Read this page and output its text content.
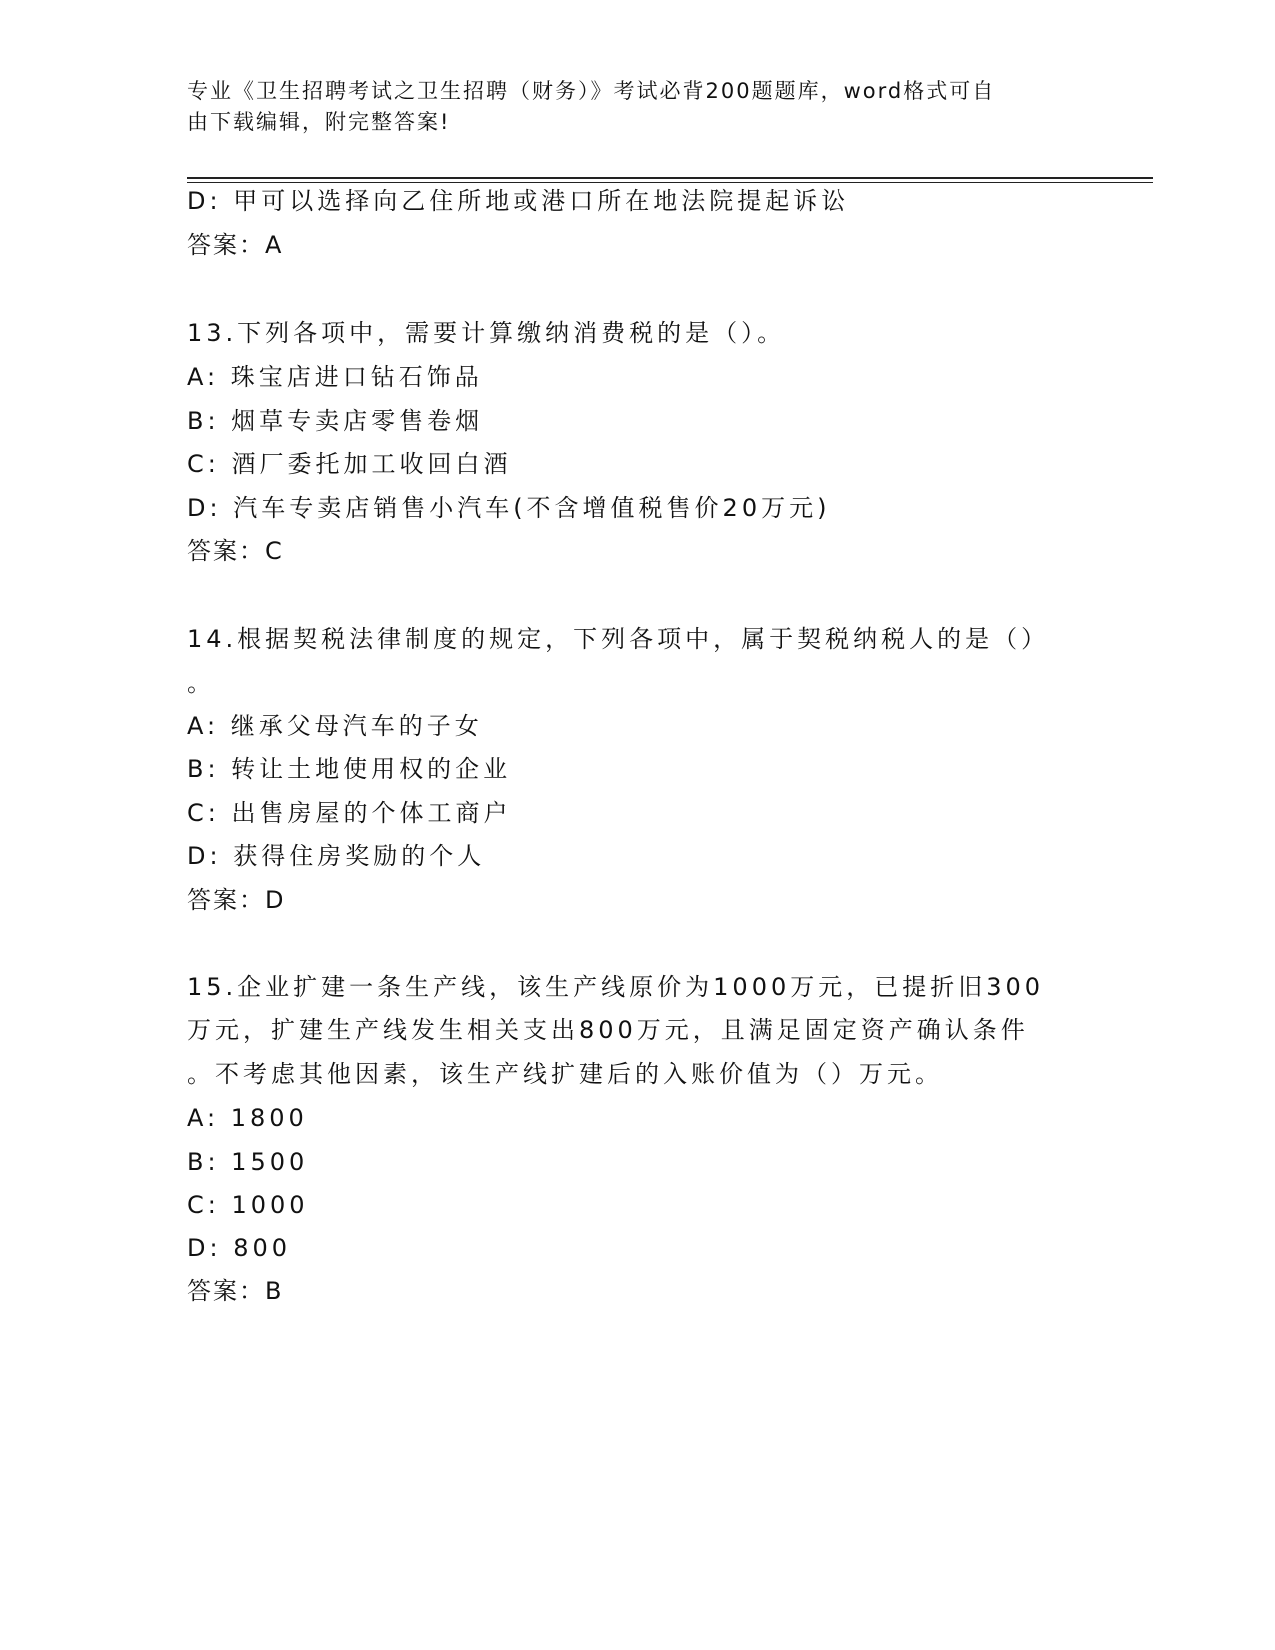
专业《卫生招聘考试之卫生招聘（财务）》考试必背200题题库，word格式可自
由下载编辑，附完整答案!
D: 甲可以选择向乙住所地或港口所在地法院提起诉讼
答案：A
13.下列各项中，需要计算缴纳消费税的是（）。
A: 珠宝店进口钻石饰品
B: 烟草专卖店零售卷烟
C: 酒厂委托加工收回白酒
D: 汽车专卖店销售小汽车(不含增值税售价20万元)
答案：C
14.根据契税法律制度的规定，下列各项中，属于契税纳税人的是（）
。
A: 继承父母汽车的子女
B: 转让土地使用权的企业
C: 出售房屋的个体工商户
D: 获得住房奖励的个人
答案：D
15.企业扩建一条生产线，该生产线原价为1000万元，已提折旧300
万元，扩建生产线发生相关支出800万元，且满足固定资产确认条件
。不考虑其他因素，该生产线扩建后的入账价值为（）万元。
A: 1800
B: 1500
C: 1000
D: 800
答案：B
